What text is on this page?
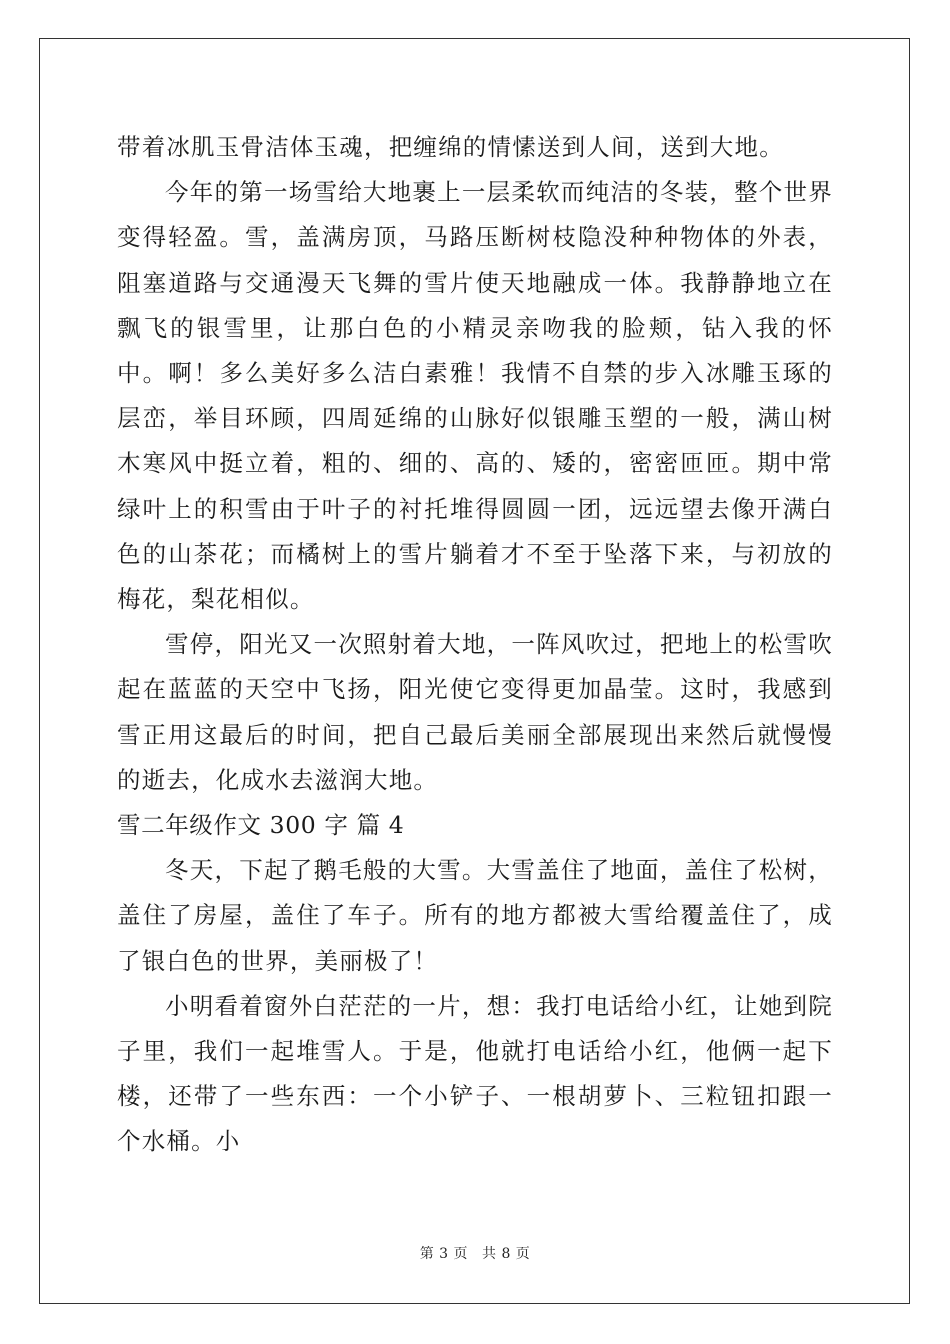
带着冰肌玉骨洁体玉魂，把缠绵的情愫送到人间，送到大地。

今年的第一场雪给大地裹上一层柔软而纯洁的冬装，整个世界变得轻盈。雪，盖满房顶，马路压断树枝隐没种种物体的外表，阻塞道路与交通漫天飞舞的雪片使天地融成一体。我静静地立在飘飞的银雪里，让那白色的小精灵亲吻我的脸颊，钻入我的怀中。啊！多么美好多么洁白素雅！我情不自禁的步入冰雕玉琢的层峦，举目环顾，四周延绵的山脉好似银雕玉塑的一般，满山树木寒风中挺立着，粗的、细的、高的、矮的，密密匝匝。期中常绿叶上的积雪由于叶子的衬托堆得圆圆一团，远远望去像开满白色的山茶花；而橘树上的雪片躺着才不至于坠落下来，与初放的梅花，梨花相似。

雪停，阳光又一次照射着大地，一阵风吹过，把地上的松雪吹起在蓝蓝的天空中飞扬，阳光使它变得更加晶莹。这时，我感到雪正用这最后的时间，把自己最后美丽全部展现出来然后就慢慢的逝去，化成水去滋润大地。

雪二年级作文 300 字 篇 4

冬天，下起了鹅毛般的大雪。大雪盖住了地面，盖住了松树，盖住了房屋，盖住了车子。所有的地方都被大雪给覆盖住了，成了银白色的世界，美丽极了！

小明看着窗外白茫茫的一片，想：我打电话给小红，让她到院子里，我们一起堆雪人。于是，他就打电话给小红，他俩一起下楼，还带了一些东西：一个小铲子、一根胡萝卜、三粒钮扣跟一个水桶。小

第 3 页 共 8 页
